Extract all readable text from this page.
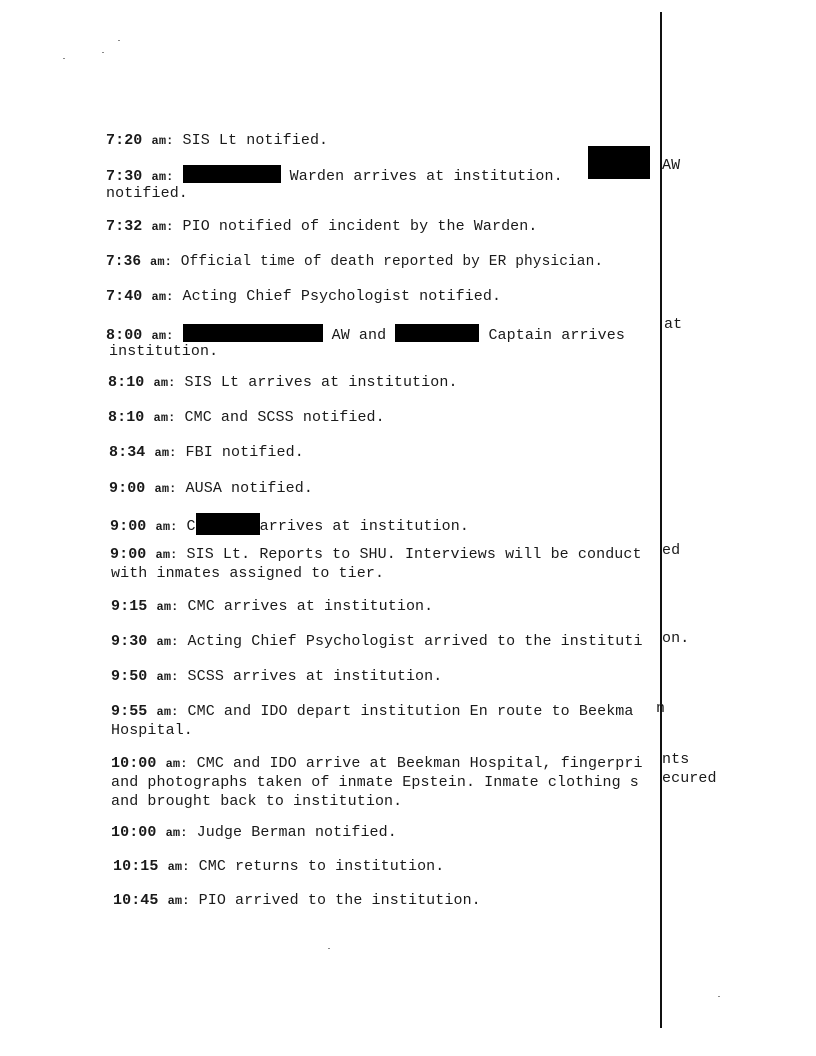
7:20 am: SIS Lt notified.
7:30 am:	Warden arrives at institution.
AW
notified.
7:32 am: PIO notified of incident by the Warden.
7:36 am: Official time of death reported by ER physician.
7:40 am: Acting Chief Psychologist notified.
8:00 am:	AW and	Captain arrives
at
institution.
8:10 am: SIS Lt arrives at institution.
8:10 am: CMC and SCSS notified.
8:34 am: FBI notified.
9:00 am: AUSA notified.
9:00 am: C	arrives at institution.
9:00 am: SIS Lt. Reports to SHU. Interviews will be conduct ed
with inmates assigned to tier.
9:15 am: CMC arrives at institution.
9:30 am: Acting Chief Psychologist arrived to the instituti on.
9:50 am: SCSS arrives at institution.
9:55 am: CMC and IDO depart institution En route to Beekma n
Hospital.
10:00 am: CMC and IDO arrive at Beekman Hospital, fingerpri nts
and photographs taken of inmate Epstein. Inmate clothing s ecured
and brought back to institution.
10:00 am: Judge Berman notified.
10:15 am: CMC returns to institution.
10:45 am: PIO arrived to the institution.
